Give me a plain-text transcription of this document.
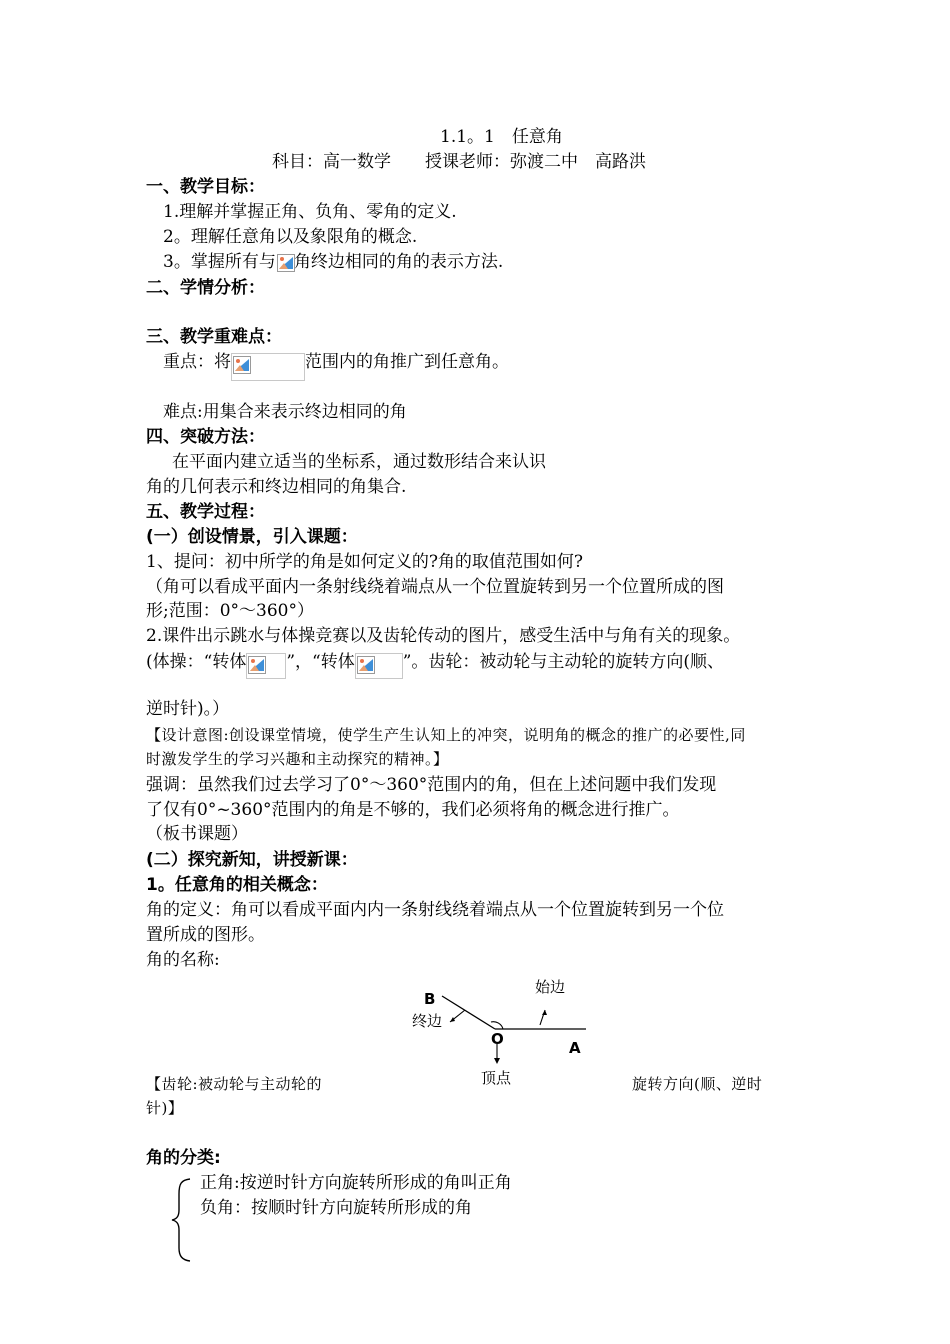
1.1。1　任意角
科目：高一数学　　授课老师：弥渡二中　高路洪
一、教学目标：
1.理解并掌握正角、负角、零角的定义.
2。理解任意角以及象限角的概念.
3。掌握所有与 角终边相同的角的表示方法.
二、学情分析：
三、教学重难点：
重点：将	范围内的角推广到任意角。
难点:用集合来表示终边相同的角
四、突破方法：
在平面内建立适当的坐标系，通过数形结合来认识
角的几何表示和终边相同的角集合.
五、教学过程：
(一）创设情景，引入课题：
1、提问：初中所学的角是如何定义的?角的取值范围如何?
（角可以看成平面内一条射线绕着端点从一个位置旋转到另一个位置所成的图
形;范围：0°～360°）
2.课件出示跳水与体操竞赛以及齿轮传动的图片，感受生活中与角有关的现象。
(体操：“转体 ”，“转体	”。齿轮：被动轮与主动轮的旋转方向(顺、
逆时针)。）
【设计意图:创设课堂情境，使学生产生认知上的冲突，说明角的概念的推广的必要性,同
时激发学生的学习兴趣和主动探究的精神。】
强调：虽然我们过去学习了0°～360°范围内的角，但在上述问题中我们发现
了仅有0°~360°范围内的角是不够的，我们必须将角的概念进行推广。
（板书课题）
(二）探究新知，讲授新课：
1。任意角的相关概念：
角的定义：角可以看成平面内内一条射线绕着端点从一个位置旋转到另一个位
置所成的图形。
角的名称:
B
终边
始边
O	A
顶点
【齿轮:被动轮与主动轮的	旋转方向(顺、逆时
针)】
角的分类:
正角:按逆时针方向旋转所形成的角叫正角
负角：按顺时针方向旋转所形成的角
